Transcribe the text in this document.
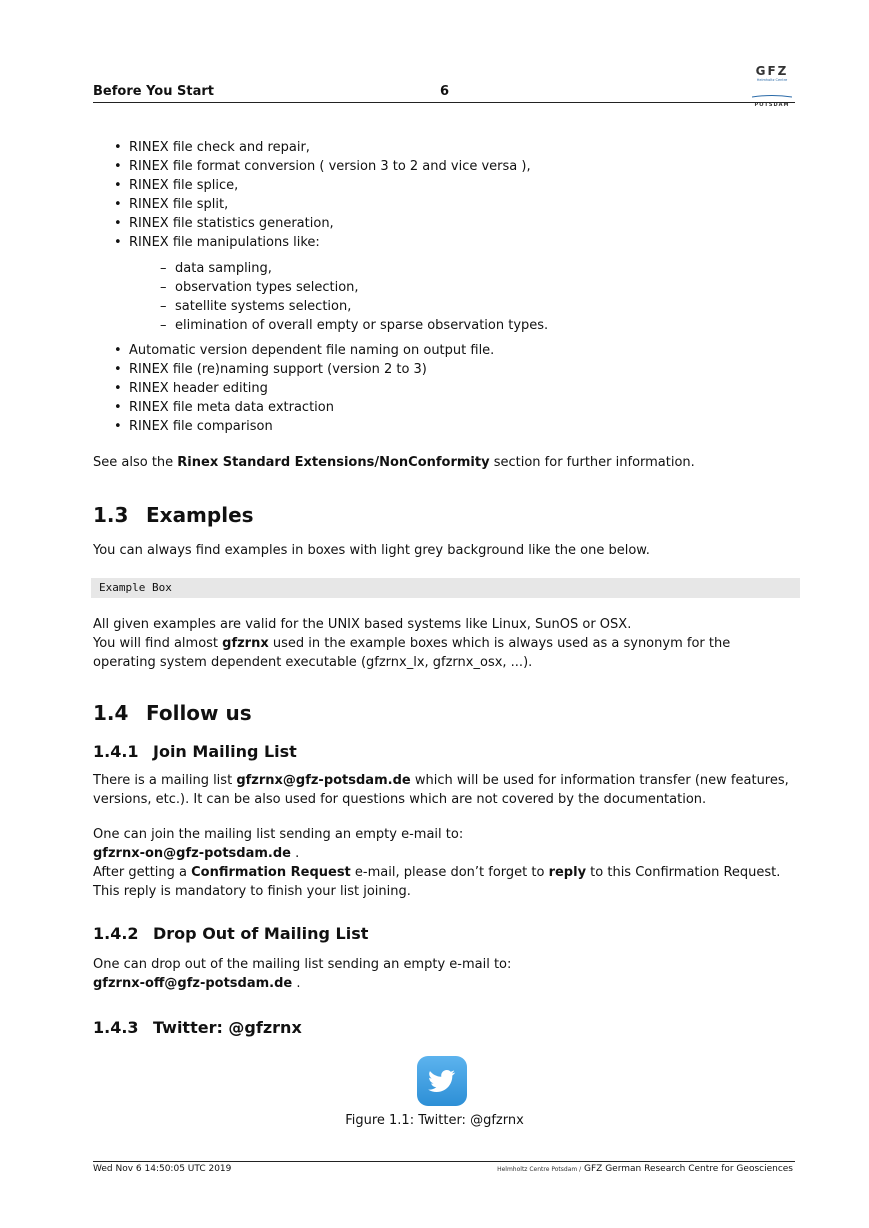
Before You Start	6
GFZ
Helmholtz Centre
POTSDAM
• RINEX file check and repair,
• RINEX file format conversion ( version 3 to 2 and vice versa ),
• RINEX file splice,
• RINEX file split,
• RINEX file statistics generation,
• RINEX file manipulations like:
– data sampling,
– observation types selection,
– satellite systems selection,
– elimination of overall empty or sparse observation types.
• Automatic version dependent file naming on output file.
• RINEX file (re)naming support (version 2 to 3)
• RINEX header editing
• RINEX file meta data extraction
• RINEX file comparison
See also the Rinex Standard Extensions/NonConformity section for further information.
1.3 Examples
You can always find examples in boxes with light grey background like the one below.
Example Box
All given examples are valid for the UNIX based systems like Linux, SunOS or OSX.
You will find almost gfzrnx used in the example boxes which is always used as a synonym for the operating system dependent executable (gfzrnx_lx, gfzrnx_osx, ...).
1.4 Follow us
1.4.1 Join Mailing List
There is a mailing list gfzrnx@gfz-potsdam.de which will be used for information transfer (new features, versions, etc.). It can be also used for questions which are not covered by the documentation.
One can join the mailing list sending an empty e-mail to:
gfzrnx-on@gfz-potsdam.de .
After getting a Confirmation Request e-mail, please don’t forget to reply to this Confirmation Request. This reply is mandatory to finish your list joining.
1.4.2 Drop Out of Mailing List
One can drop out of the mailing list sending an empty e-mail to:
gfzrnx-off@gfz-potsdam.de .
1.4.3 Twitter: @gfzrnx
Figure 1.1: Twitter: @gfzrnx
Wed Nov 6 14:50:05 UTC 2019	Helmholtz Centre Potsdam / GFZ German Research Centre for Geosciences
